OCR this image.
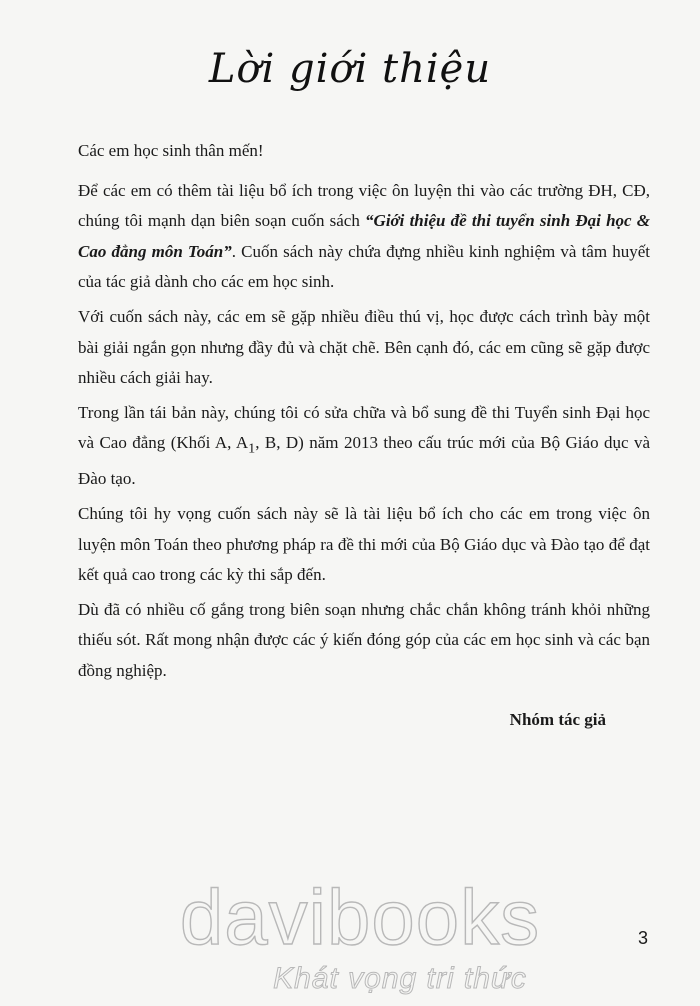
Lời giới thiệu

Các em học sinh thân mến!

Để các em có thêm tài liệu bổ ích trong việc ôn luyện thi vào các trường ĐH, CĐ, chúng tôi mạnh dạn biên soạn cuốn sách “Giới thiệu đề thi tuyển sinh Đại học & Cao đẳng môn Toán”. Cuốn sách này chứa đựng nhiều kinh nghiệm và tâm huyết của tác giả dành cho các em học sinh.

Với cuốn sách này, các em sẽ gặp nhiều điều thú vị, học được cách trình bày một bài giải ngắn gọn nhưng đầy đủ và chặt chẽ. Bên cạnh đó, các em cũng sẽ gặp được nhiều cách giải hay.

Trong lần tái bản này, chúng tôi có sửa chữa và bổ sung đề thi Tuyển sinh Đại học và Cao đẳng (Khối A, $A_1$, B, D) năm 2013 theo cấu trúc mới của Bộ Giáo dục và Đào tạo.

Chúng tôi hy vọng cuốn sách này sẽ là tài liệu bổ ích cho các em trong việc ôn luyện môn Toán theo phương pháp ra đề thi mới của Bộ Giáo dục và Đào tạo để đạt kết quả cao trong các kỳ thi sắp đến.

Dù đã có nhiều cố gắng trong biên soạn nhưng chắc chắn không tránh khỏi những thiếu sót. Rất mong nhận được các ý kiến đóng góp của các em học sinh và các bạn đồng nghiệp.

Nhóm tác giả
davibooks
Khát vọng tri thức
3
